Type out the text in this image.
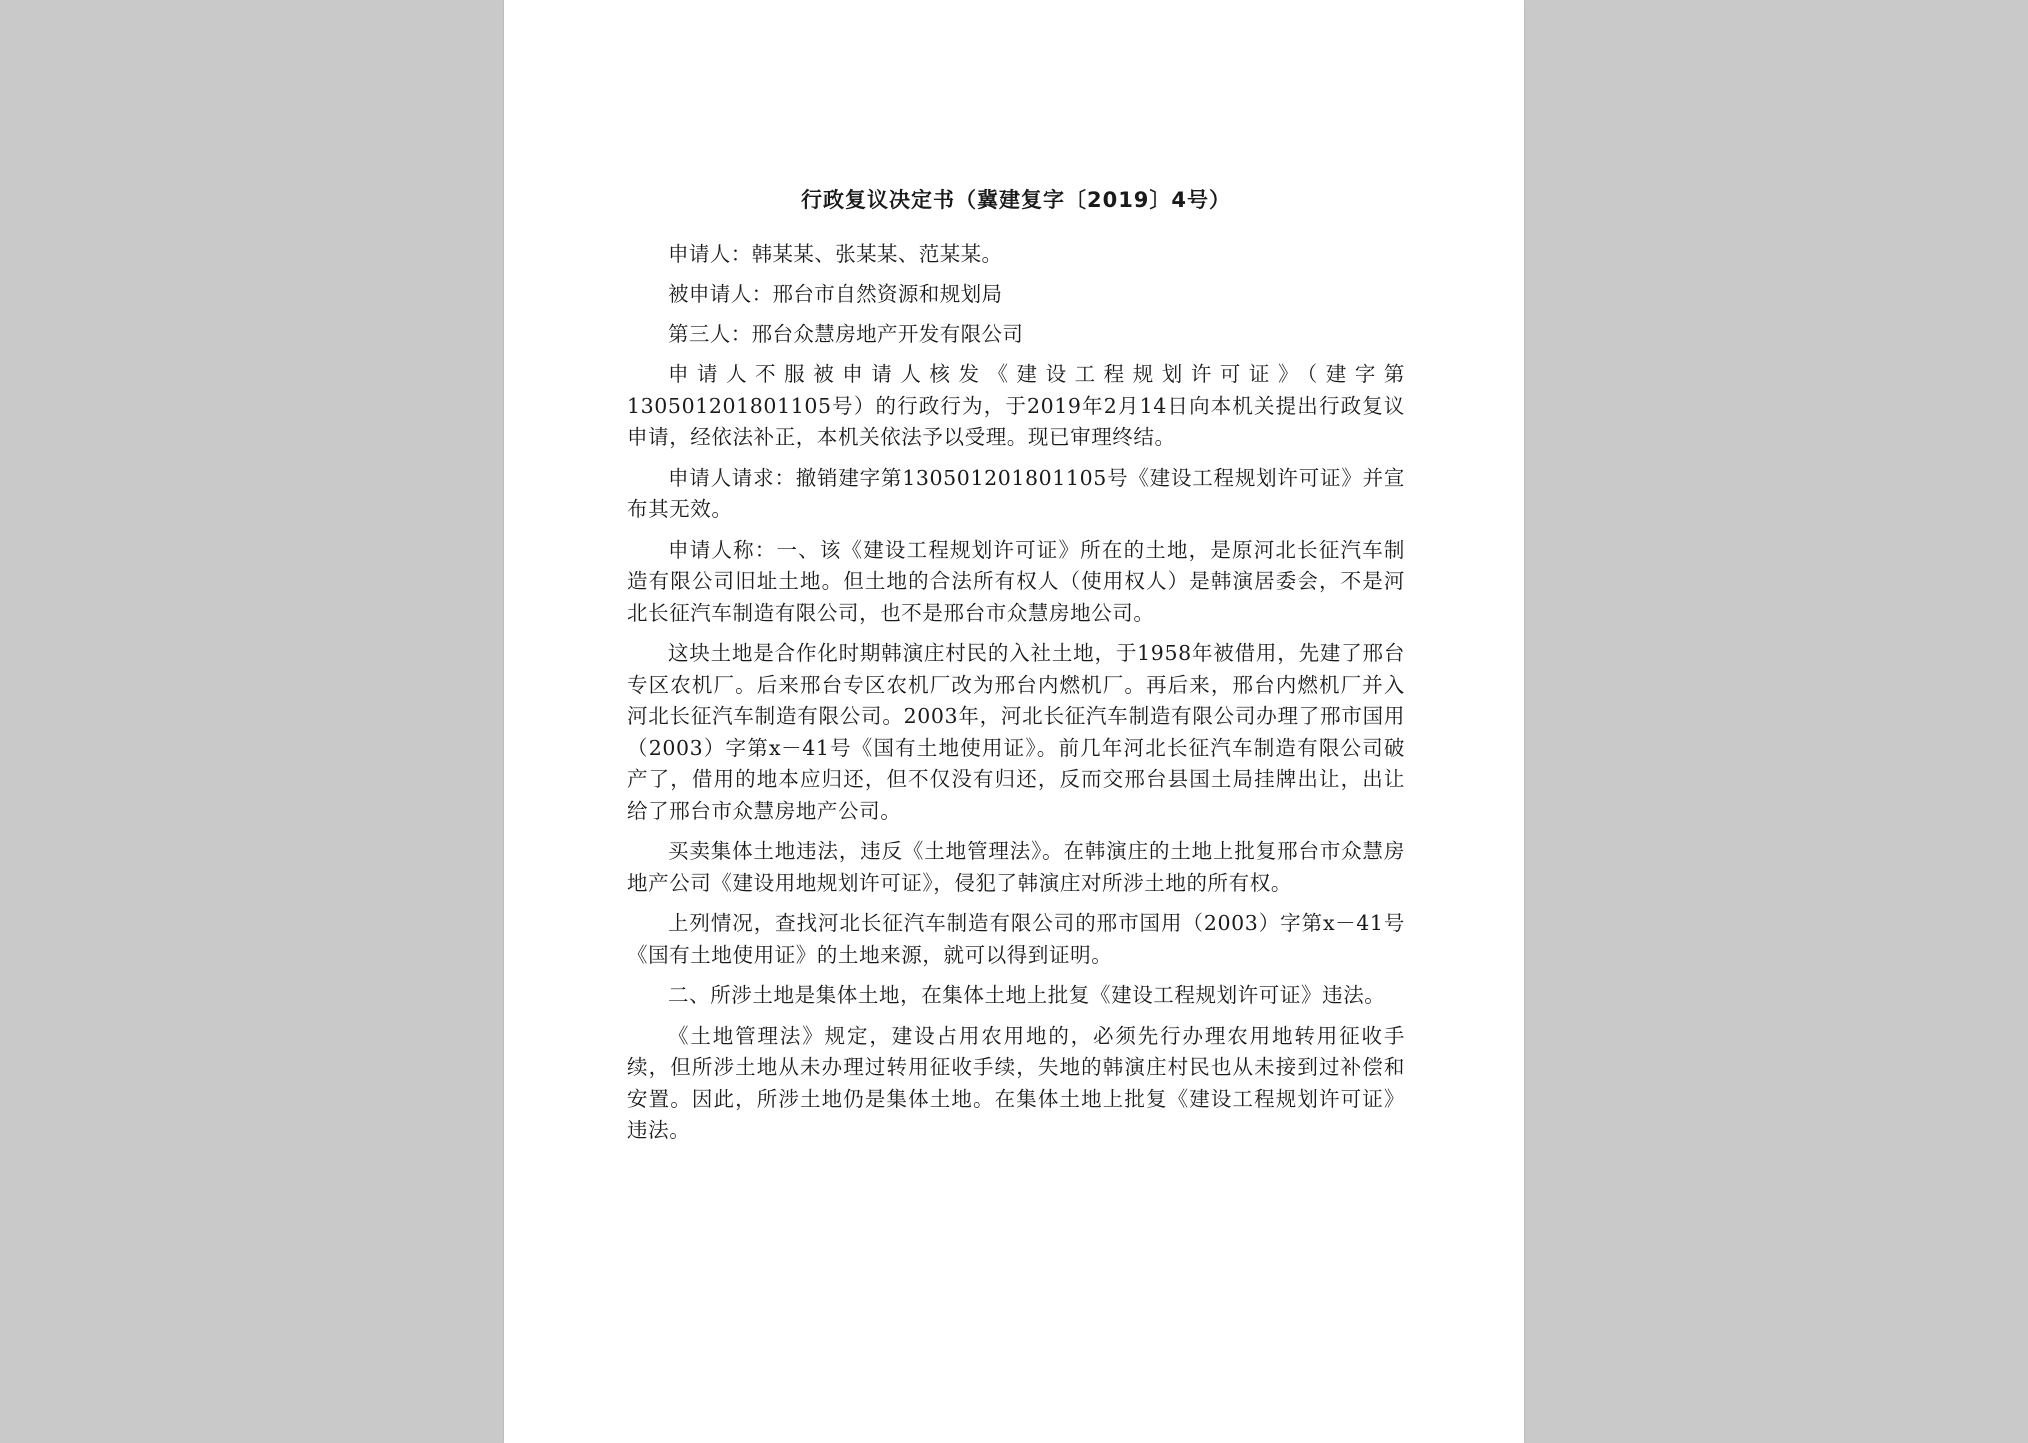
行政复议决定书（冀建复字〔2019〕4号）

申请人：韩某某、张某某、范某某。

被申请人：邢台市自然资源和规划局

第三人：邢台众慧房地产开发有限公司

申请人不服被申请人核发《建设工程规划许可证》（建字第130501201801105号）的行政行为，于2019年2月14日向本机关提出行政复议申请，经依法补正，本机关依法予以受理。现已审理终结。

申请人请求：撤销建字第130501201801105号《建设工程规划许可证》并宣布其无效。

申请人称：一、该《建设工程规划许可证》所在的土地，是原河北长征汽车制造有限公司旧址土地。但土地的合法所有权人（使用权人）是韩演居委会，不是河北长征汽车制造有限公司，也不是邢台市众慧房地公司。

这块土地是合作化时期韩演庄村民的入社土地，于1958年被借用，先建了邢台专区农机厂。后来邢台专区农机厂改为邢台内燃机厂。再后来，邢台内燃机厂并入河北长征汽车制造有限公司。2003年，河北长征汽车制造有限公司办理了邢市国用（2003）字第x－41号《国有土地使用证》。前几年河北长征汽车制造有限公司破产了，借用的地本应归还，但不仅没有归还，反而交邢台县国土局挂牌出让，出让给了邢台市众慧房地产公司。

买卖集体土地违法，违反《土地管理法》。在韩演庄的土地上批复邢台市众慧房地产公司《建设用地规划许可证》，侵犯了韩演庄对所涉土地的所有权。

上列情况，查找河北长征汽车制造有限公司的邢市国用（2003）字第x－41号《国有土地使用证》的土地来源，就可以得到证明。

二、所涉土地是集体土地，在集体土地上批复《建设工程规划许可证》违法。

《土地管理法》规定，建设占用农用地的，必须先行办理农用地转用征收手续，但所涉土地从未办理过转用征收手续，失地的韩演庄村民也从未接到过补偿和安置。因此，所涉土地仍是集体土地。在集体土地上批复《建设工程规划许可证》违法。
